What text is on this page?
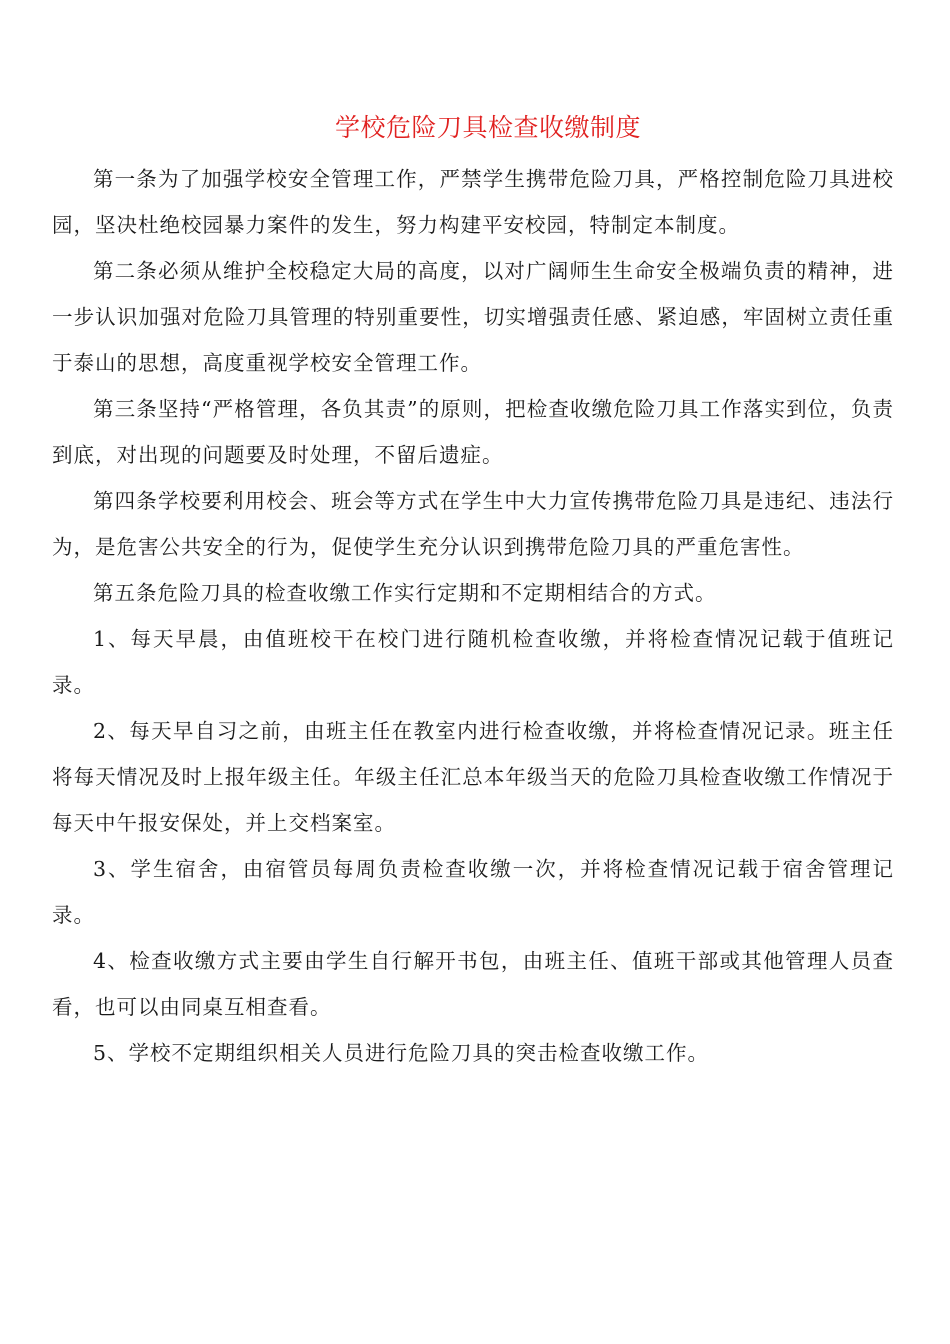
学校危险刀具检查收缴制度

第一条为了加强学校安全管理工作，严禁学生携带危险刀具，严格控制危险刀具进校园，坚决杜绝校园暴力案件的发生，努力构建平安校园，特制定本制度。

第二条必须从维护全校稳定大局的高度，以对广阔师生生命安全极端负责的精神，进一步认识加强对危险刀具管理的特别重要性，切实增强责任感、紧迫感，牢固树立责任重于泰山的思想，高度重视学校安全管理工作。

第三条坚持“严格管理，各负其责”的原则，把检查收缴危险刀具工作落实到位，负责到底，对出现的问题要及时处理，不留后遗症。

第四条学校要利用校会、班会等方式在学生中大力宣传携带危险刀具是违纪、违法行为，是危害公共安全的行为，促使学生充分认识到携带危险刀具的严重危害性。

第五条危险刀具的检查收缴工作实行定期和不定期相结合的方式。

1、每天早晨，由值班校干在校门进行随机检查收缴，并将检查情况记载于值班记录。

2、每天早自习之前，由班主任在教室内进行检查收缴，并将检查情况记录。班主任将每天情况及时上报年级主任。年级主任汇总本年级当天的危险刀具检查收缴工作情况于每天中午报安保处，并上交档案室。

3、学生宿舍，由宿管员每周负责检查收缴一次，并将检查情况记载于宿舍管理记录。

4、检查收缴方式主要由学生自行解开书包，由班主任、值班干部或其他管理人员查看，也可以由同桌互相查看。

5、学校不定期组织相关人员进行危险刀具的突击检查收缴工作。
